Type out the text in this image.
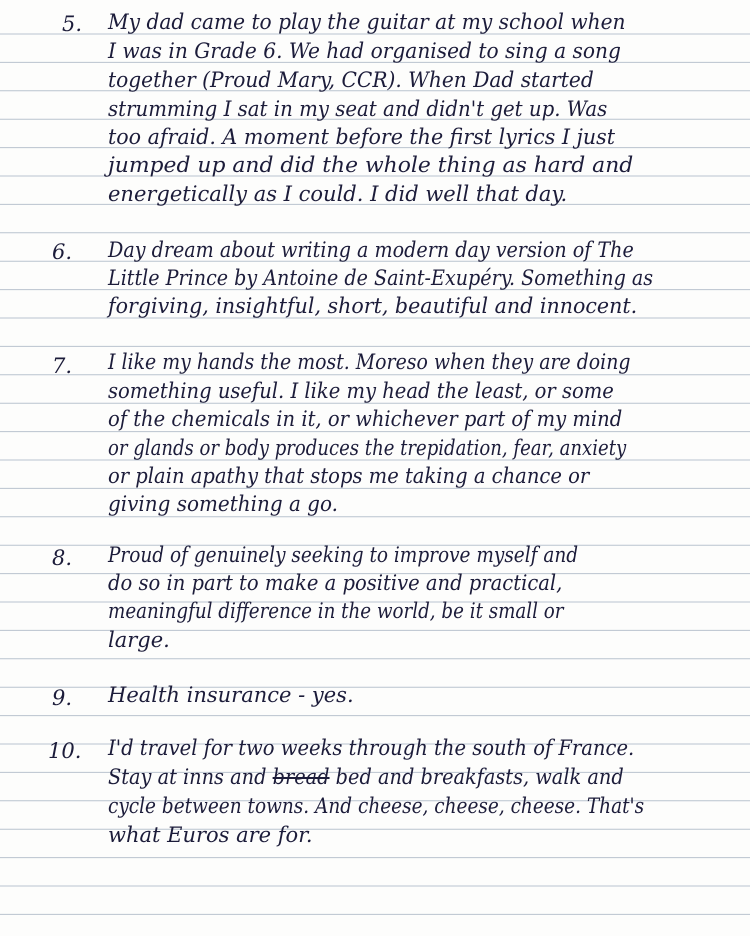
5.	My dad came to play the guitar at my school when
I was in Grade 6. We had organised to sing a song
together (Proud Mary, CCR). When Dad started
strumming I sat in my seat and didn't get up. Was
too afraid. A moment before the first lyrics I just
jumped up and did the whole thing as hard and
energetically as I could. I did well that day.
6.	Day dream about writing a modern day version of The
Little Prince by Antoine de Saint-Exupéry. Something as
forgiving, insightful, short, beautiful and innocent.
7.	I like my hands the most. Moreso when they are doing
something useful. I like my head the least, or some
of the chemicals in it, or whichever part of my mind
or glands or body produces the trepidation, fear, anxiety
or plain apathy that stops me taking a chance or
giving something a go.
8.	Proud of genuinely seeking to improve myself and
do so in part to make a positive and practical,
meaningful difference in the world, be it small or
large.
9.	Health insurance - yes.
10.	I'd travel for two weeks through the south of France.
Stay at inns and bread bed and breakfasts, walk and
cycle between towns. And cheese, cheese, cheese. That's
what Euros are for.
